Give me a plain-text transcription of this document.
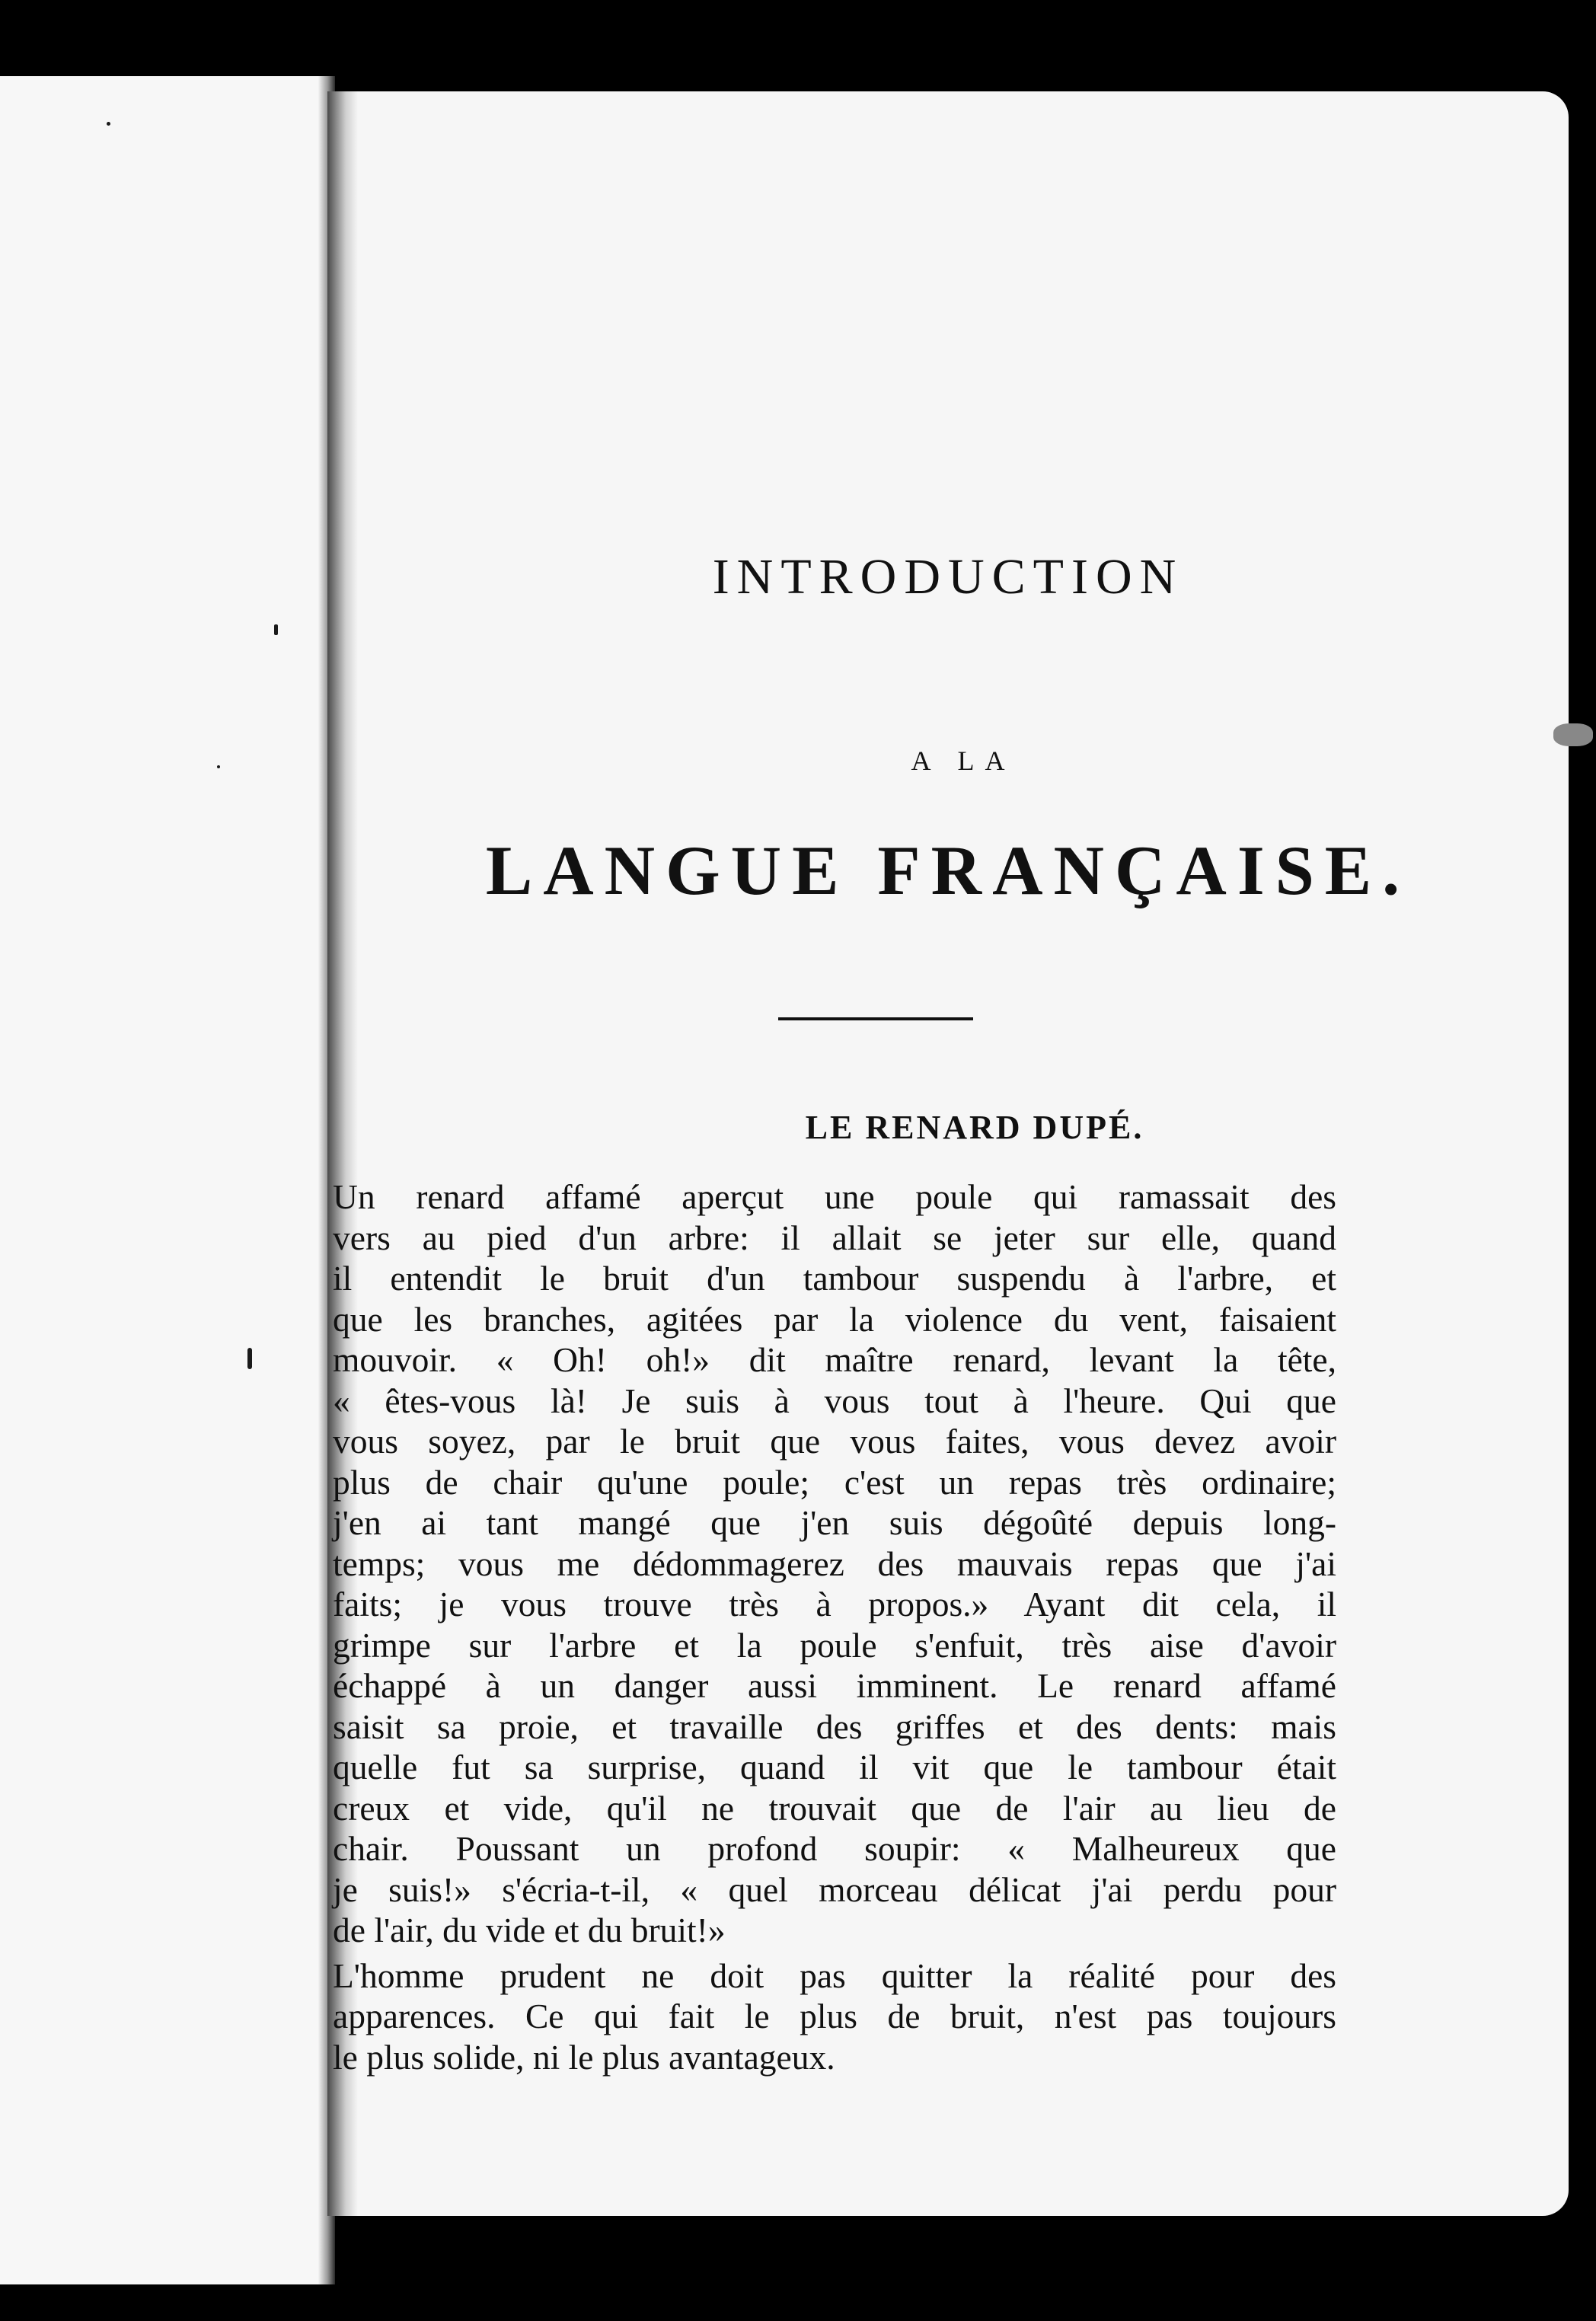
INTRODUCTION
A LA
LANGUE FRANÇAISE.
LE RENARD DUPÉ.
Un renard affamé aperçut une poule qui ramassait des
vers au pied d'un arbre: il allait se jeter sur elle, quand
il entendit le bruit d'un tambour suspendu à l'arbre, et
que les branches, agitées par la violence du vent, faisaient
mouvoir. « Oh! oh!» dit maître renard, levant la tête,
« êtes-vous là! Je suis à vous tout à l'heure. Qui que
vous soyez, par le bruit que vous faites, vous devez avoir
plus de chair qu'une poule; c'est un repas très ordinaire;
j'en ai tant mangé que j'en suis dégoûté depuis long-
temps; vous me dédommagerez des mauvais repas que j'ai
faits; je vous trouve très à propos.» Ayant dit cela, il
grimpe sur l'arbre et la poule s'enfuit, très aise d'avoir
échappé à un danger aussi imminent. Le renard affamé
saisit sa proie, et travaille des griffes et des dents: mais
quelle fut sa surprise, quand il vit que le tambour était
creux et vide, qu'il ne trouvait que de l'air au lieu de
chair. Poussant un profond soupir: « Malheureux que
je suis!» s'écria-t-il, « quel morceau délicat j'ai perdu pour
de l'air, du vide et du bruit!»
L'homme prudent ne doit pas quitter la réalité pour des
apparences. Ce qui fait le plus de bruit, n'est pas toujours
le plus solide, ni le plus avantageux.
